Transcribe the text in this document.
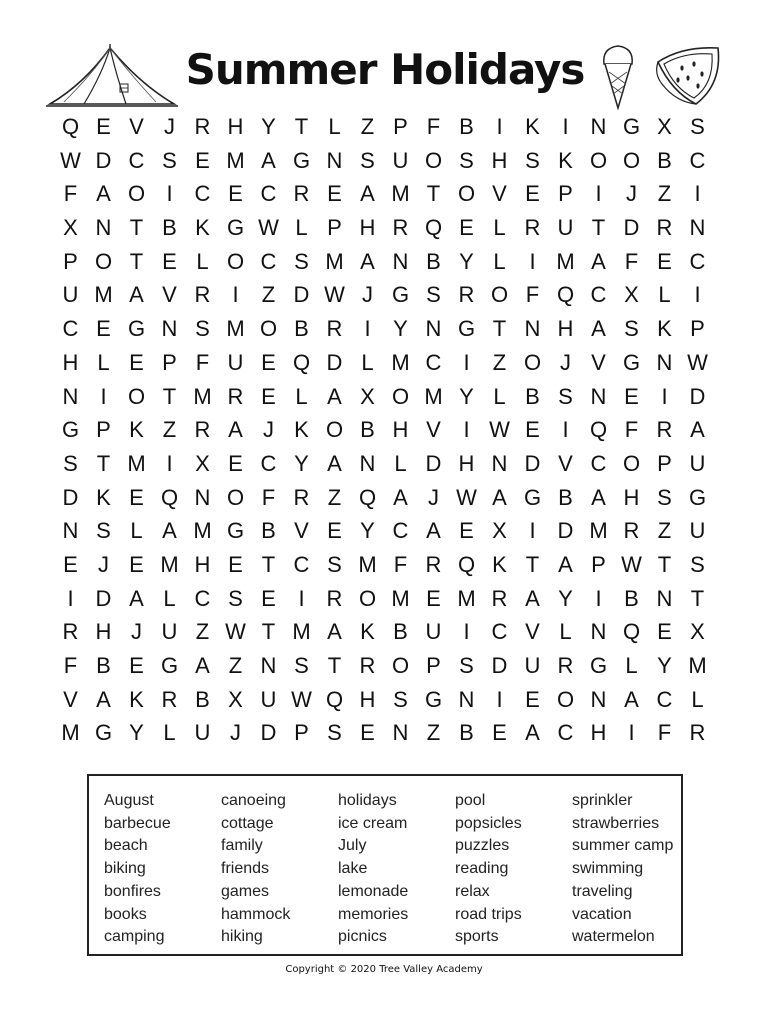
Summer Holidays
Q E V J R H Y T L Z P F B	I	K	I N G X S
W D C S E M A G N S U O S H S K O O B C
F A O I C E C R E A M T O V E P	I	J Z	I
X N T B K G W L P H R Q E L R U T D R N
P O T E L O C S M A N B Y L	I M A F E C
U M A V R	I	Z D W J G S R O F Q C X L	I
C E G N S M O B R	I	Y N G T N H A S K P
H L E P F U E Q D L M C	I	Z O J V G N W
N	I O T M R E L A X O M Y L B S N E	I D
G P K Z R A J K O B H V	I W E	I Q F R A
S T M I	X E C Y A N L D H N D V C O P U
D K E Q N O F R Z Q A J W A G B A H S G
N S L A M G B V E Y C A E X	I D M R Z U
E J E M H E T C S M F R Q K T A P W T S
I D A L C S E	I R O M E M R A Y	I	B N T
R H J U Z W T M A K B U	I C V L N Q E X
F B E G A Z N S T R O P S D U R G L Y M
V A K R B X U W Q H S G N	I	E O N A C L
M G Y L U J D P S E N Z B E A C H	I	F R
August
barbecue
beach
biking
bonfires
books
camping
canoeing
cottage
family
friends
games
hammock
hiking
holidays
ice cream
July
lake
lemonade
memories
picnics
pool
popsicles
puzzles
reading
relax
road trips
sports
sprinkler
strawberries
summer camp
swimming
traveling
vacation
watermelon
Copyright © 2020 Tree Valley Academy
